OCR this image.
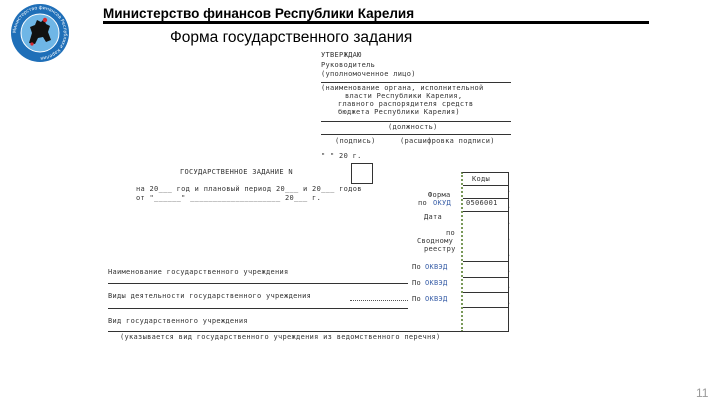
Министерство финансов Республики Карелия
Министерство финансов Республики Карелия
Форма государственного задания
УТВЕРЖДАЮ
Руководитель
(уполномоченное лицо)
(наименование органа, исполнительной
власти Республики Карелия,
главного распорядителя средств
бюджета Республики Карелия)
(должность)
(подпись)	(расшифровка подписи)
" " 20 г.
ГОСУДАРСТВЕННОЕ ЗАДАНИЕ N
на 20___ год и плановый период 20___ и 20___ годов
от "______" ____________________ 20___ г.
Коды
0506001
Форма
по ОКУД
Дата
по
Сводному
реестру
По ОКВЭД
По ОКВЭД
По ОКВЭД
Наименование государственного учреждения
Виды деятельности государственного учреждения
Вид государственного учреждения
(указывается вид государственного учреждения из ведомственного перечня)
`
`
`
`
`
`
`
`
11
